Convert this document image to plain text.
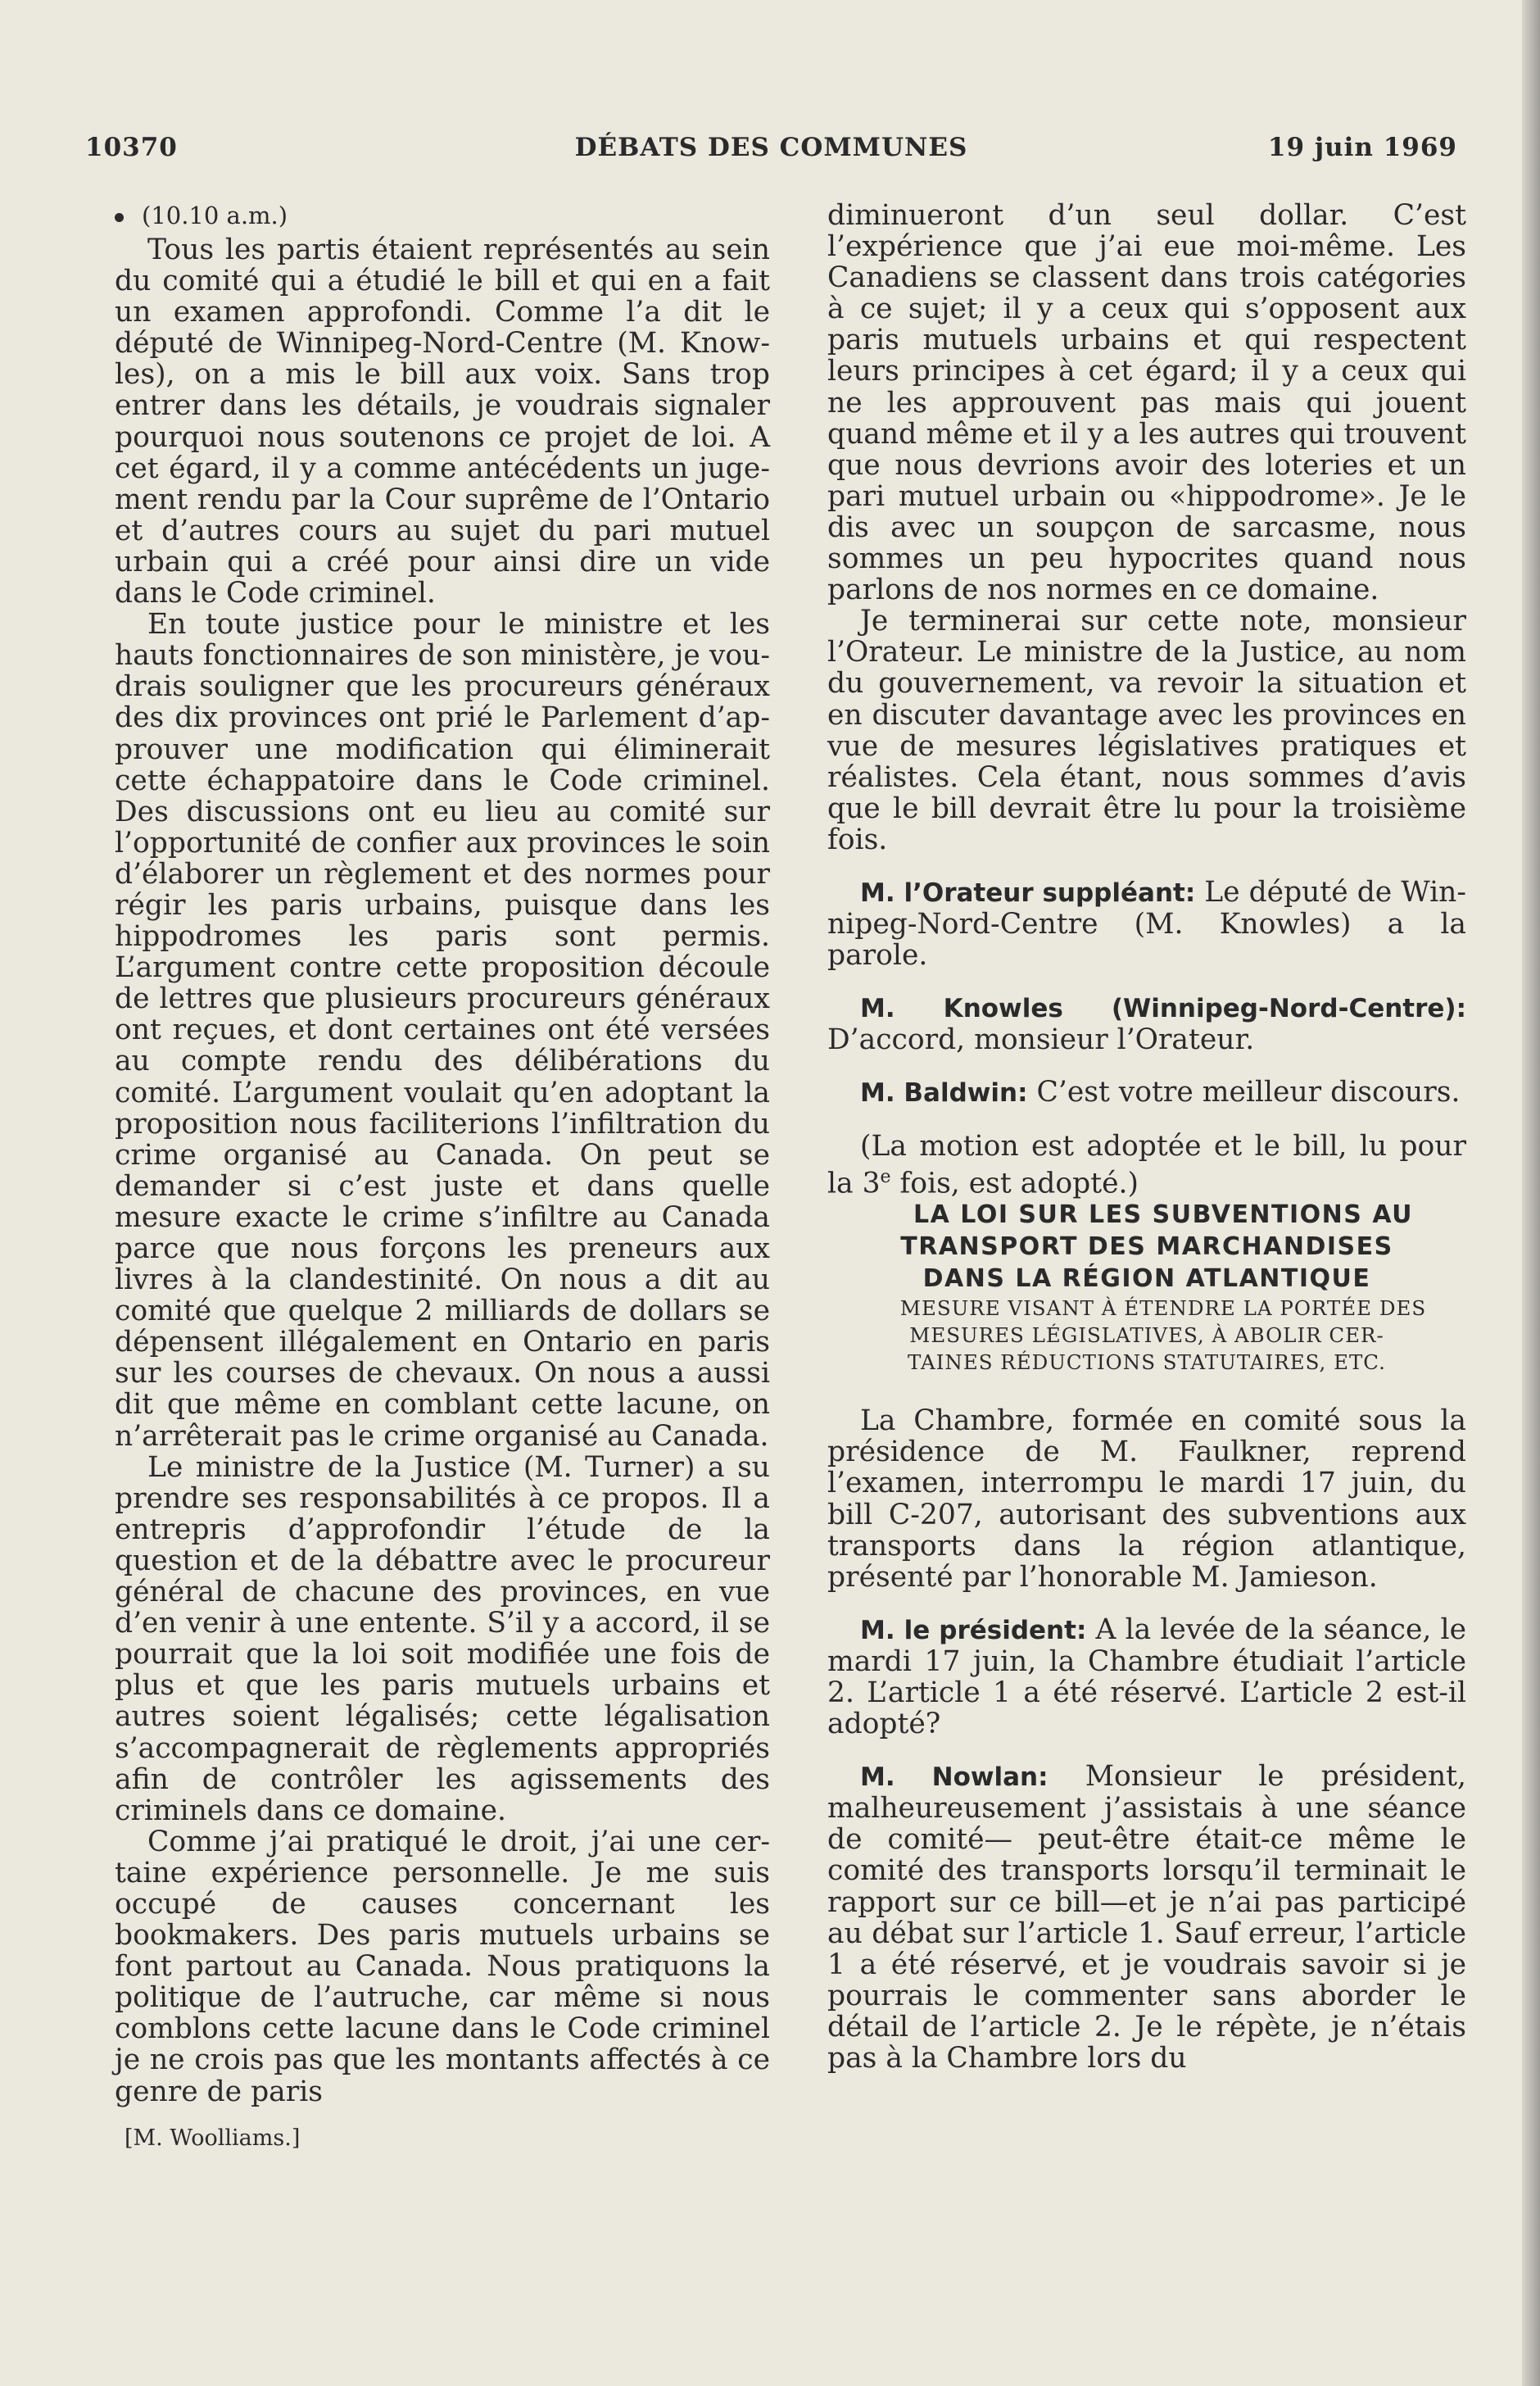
10370	DÉBATS DES COMMUNES	19 juin 1969
(10.10 a.m.)

Tous les partis étaient représentés au sein du comité qui a étudié le bill et qui en a fait un examen approfondi. Comme l’a dit le député de Winnipeg-Nord-Centre (M. Knowles), on a mis le bill aux voix. Sans trop entrer dans les détails, je voudrais signaler pourquoi nous soutenons ce projet de loi. A cet égard, il y a comme antécédents un jugement rendu par la Cour suprême de l’Ontario et d’autres cours au sujet du pari mutuel urbain qui a créé pour ainsi dire un vide dans le Code criminel.

En toute justice pour le ministre et les hauts fonctionnaires de son ministère, je voudrais souligner que les procureurs généraux des dix provinces ont prié le Parlement d’approuver une modification qui éliminerait cette échappatoire dans le Code criminel. Des discussions ont eu lieu au comité sur l’opportunité de confier aux provinces le soin d’élaborer un règlement et des normes pour régir les paris urbains, puisque dans les hippodromes les paris sont permis. L’argument contre cette proposition découle de lettres que plusieurs procureurs généraux ont reçues, et dont certaines ont été versées au compte rendu des délibérations du comité. L’argument voulait qu’en adoptant la proposition nous faciliterions l’infiltration du crime organisé au Canada. On peut se demander si c’est juste et dans quelle mesure exacte le crime s’infiltre au Canada parce que nous forçons les preneurs aux livres à la clandestinité. On nous a dit au comité que quelque 2 milliards de dollars se dépensent illégalement en Ontario en paris sur les courses de chevaux. On nous a aussi dit que même en comblant cette lacune, on n’arrêterait pas le crime organisé au Canada.

Le ministre de la Justice (M. Turner) a su prendre ses responsabilités à ce propos. Il a entrepris d’approfondir l’étude de la question et de la débattre avec le procureur général de chacune des provinces, en vue d’en venir à une entente. S’il y a accord, il se pourrait que la loi soit modifiée une fois de plus et que les paris mutuels urbains et autres soient légalisés; cette légalisation s’accompagnerait de règlements appropriés afin de contrôler les agissements des criminels dans ce domaine.

Comme j’ai pratiqué le droit, j’ai une certaine expérience personnelle. Je me suis occupé de causes concernant les bookmakers. Des paris mutuels urbains se font partout au Canada. Nous pratiquons la politique de l’autruche, car même si nous comblons cette lacune dans le Code criminel je ne crois pas que les montants affectés à ce genre de paris

[M. Woolliams.]

diminueront d’un seul dollar. C’est l’expérience que j’ai eue moi-même. Les Canadiens se classent dans trois catégories à ce sujet; il y a ceux qui s’opposent aux paris mutuels urbains et qui respectent leurs principes à cet égard; il y a ceux qui ne les approuvent pas mais qui jouent quand même et il y a les autres qui trouvent que nous devrions avoir des loteries et un pari mutuel urbain ou «hippodrome». Je le dis avec un soupçon de sarcasme, nous sommes un peu hypocrites quand nous parlons de nos normes en ce domaine.

Je terminerai sur cette note, monsieur l’Orateur. Le ministre de la Justice, au nom du gouvernement, va revoir la situation et en discuter davantage avec les provinces en vue de mesures législatives pratiques et réalistes. Cela étant, nous sommes d’avis que le bill devrait être lu pour la troisième fois.

M. l’Orateur suppléant: Le député de Winnipeg-Nord-Centre (M. Knowles) a la parole.

M. Knowles (Winnipeg-Nord-Centre): D’accord, monsieur l’Orateur.

M. Baldwin: C’est votre meilleur discours.

(La motion est adoptée et le bill, lu pour la 3e fois, est adopté.)

LA LOI SUR LES SUBVENTIONS AU
TRANSPORT DES MARCHANDISES
DANS LA RÉGION ATLANTIQUE

MESURE VISANT À ÉTENDRE LA PORTÉE DES
MESURES LÉGISLATIVES, À ABOLIR CER-
TAINES RÉDUCTIONS STATUTAIRES, ETC.

La Chambre, formée en comité sous la présidence de M. Faulkner, reprend l’examen, interrompu le mardi 17 juin, du bill C-207, autorisant des subventions aux transports dans la région atlantique, présenté par l’honorable M. Jamieson.

M. le président: A la levée de la séance, le mardi 17 juin, la Chambre étudiait l’article 2. L’article 1 a été réservé. L’article 2 est-il adopté?

M. Nowlan: Monsieur le président, malheureusement j’assistais à une séance de comité— peut-être était-ce même le comité des transports lorsqu’il terminait le rapport sur ce bill—et je n’ai pas participé au débat sur l’article 1. Sauf erreur, l’article 1 a été réservé, et je voudrais savoir si je pourrais le commenter sans aborder le détail de l’article 2. Je le répète, je n’étais pas à la Chambre lors du
